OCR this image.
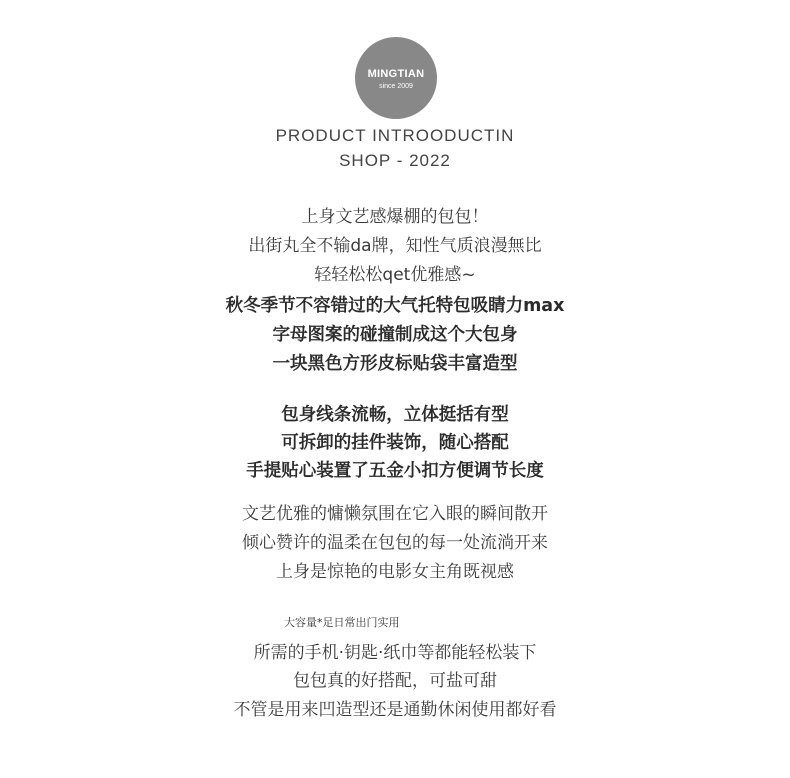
MINGTIAN
since 2009
PRODUCT INTROODUCTIN
SHOP - 2022
上身文艺感爆棚的包包！
出街丸全不输da牌，知性气质浪漫無比
轻轻松松qet优雅感~
秋冬季节不容错过的大气托特包吸睛力max
字母图案的碰撞制成这个大包身
一块黑色方形皮标贴袋丰富造型
包身线条流畅，立体挺括有型
可拆卸的挂件装饰，随心搭配
手提贴心装置了五金小扣方便调节长度
文艺优雅的慵懒氛围在它入眼的瞬间散开
倾心赞许的温柔在包包的每一处流淌开来
上身是惊艳的电影女主角既视感
大容量*足日常出门实用
所需的手机·钥匙·纸巾等都能轻松装下
包包真的好搭配，可盐可甜
不管是用来凹造型还是通勤休闲使用都好看
